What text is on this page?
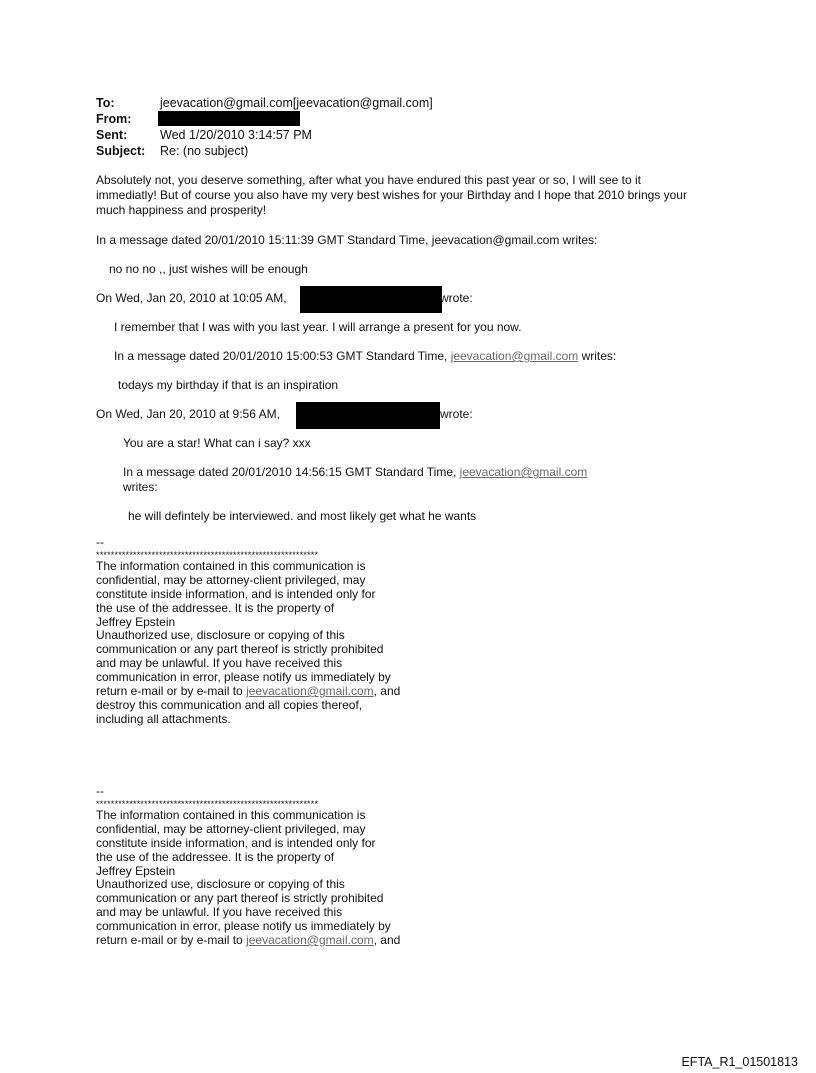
To:	jeevacation@gmail.com[jeevacation@gmail.com]
From:
Sent:	Wed 1/20/2010 3:14:57 PM
Subject: Re: (no subject)
Absolutely not, you deserve something, after what you have endured this past year or so, I will see to it
immediatly! But of course you also have my very best wishes for your Birthday and I hope that 2010 brings your
much happiness and prosperity!
In a message dated 20/01/2010 15:11:39 GMT Standard Time, jeevacation@gmail.com writes:
no no no ,, just wishes will be enough
On Wed, Jan 20, 2010 at 10:05 AM,	wrote:
I remember that I was with you last year. I will arrange a present for you now.
In a message dated 20/01/2010 15:00:53 GMT Standard Time, jeevacation@gmail.com writes:
todays my birthday if that is an inspiration
On Wed, Jan 20, 2010 at 9:56 AM,	wrote:
You are a star! What can i say? xxx
In a message dated 20/01/2010 14:56:15 GMT Standard Time, jeevacation@gmail.com
writes:
he will defintely be interviewed. and most likely get what he wants
--
************************************************************
The information contained in this communication is
confidential, may be attorney-client privileged, may
constitute inside information, and is intended only for
the use of the addressee. It is the property of
Jeffrey Epstein
Unauthorized use, disclosure or copying of this
communication or any part thereof is strictly prohibited
and may be unlawful. If you have received this
communication in error, please notify us immediately by
return e-mail or by e-mail to jeevacation@gmail.com, and
destroy this communication and all copies thereof,
including all attachments.
--
************************************************************
The information contained in this communication is
confidential, may be attorney-client privileged, may
constitute inside information, and is intended only for
the use of the addressee. It is the property of
Jeffrey Epstein
Unauthorized use, disclosure or copying of this
communication or any part thereof is strictly prohibited
and may be unlawful. If you have received this
communication in error, please notify us immediately by
return e-mail or by e-mail to jeevacation@gmail.com, and
EFTA_R1_01501813
